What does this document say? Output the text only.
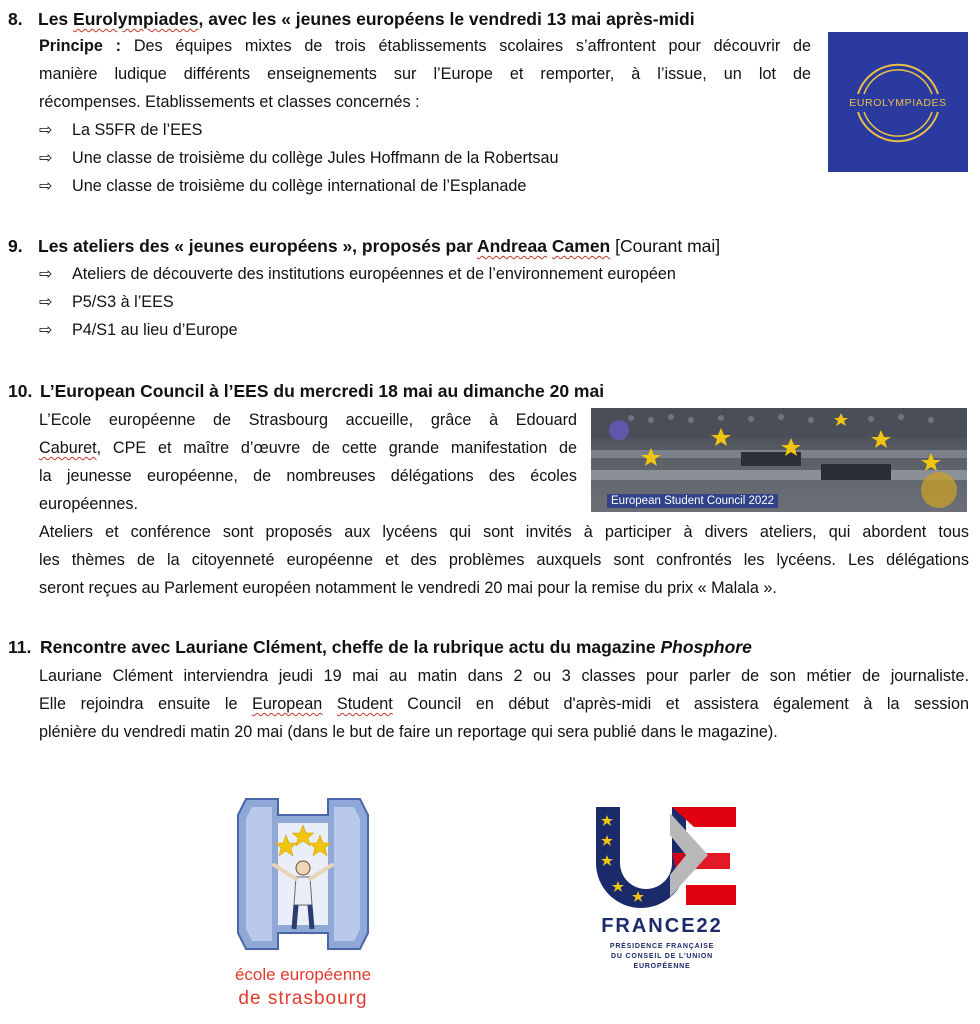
8. Les Eurolympiades, avec les « jeunes européens le vendredi 13 mai après-midi
Principe : Des équipes mixtes de trois établissements scolaires s’affrontent pour découvrir de
manière ludique différents enseignements sur l’Europe et remporter, à l’issue, un lot de
récompenses. Etablissements et classes concernés :
⇨ La S5FR de l’EES
⇨ Une classe de troisième du collège Jules Hoffmann de la Robertsau
⇨ Une classe de troisième du collège international de l’Esplanade
EUROLYMPIADES
9. Les ateliers des « jeunes européens », proposés par Andreaa Camen [Courant mai]
⇨ Ateliers de découverte des institutions européennes et de l’environnement européen
⇨ P5/S3 à l’EES
⇨ P4/S1 au lieu d’Europe
10. L’European Council à l’EES du mercredi 18 mai au dimanche 20 mai
L’Ecole européenne de Strasbourg accueille, grâce à Edouard
Caburet, CPE et maître d’œuvre de cette grande manifestation de
la jeunesse européenne, de nombreuses délégations des écoles
européennes.
Ateliers et conférence sont proposés aux lycéens qui sont invités à participer à divers ateliers, qui abordent tous
les thèmes de la citoyenneté européenne et des problèmes auxquels sont confrontés les lycéens. Les délégations
seront reçues au Parlement européen notamment le vendredi 20 mai pour la remise du prix « Malala ».
European Student Council 2022
11. Rencontre avec Lauriane Clément, cheffe de la rubrique actu du magazine Phosphore
Lauriane Clément interviendra jeudi 19 mai au matin dans 2 ou 3 classes pour parler de son métier de journaliste.
Elle rejoindra ensuite le European Student Council en début d'après-midi et assistera également à la session
plénière du vendredi matin 20 mai (dans le but de faire un reportage qui sera publié dans le magazine).
école européenne
de strasbourg
FRANCE22
PRÉSIDENCE FRANÇAISE
DU CONSEIL DE L'UNION
EUROPÉENNE
